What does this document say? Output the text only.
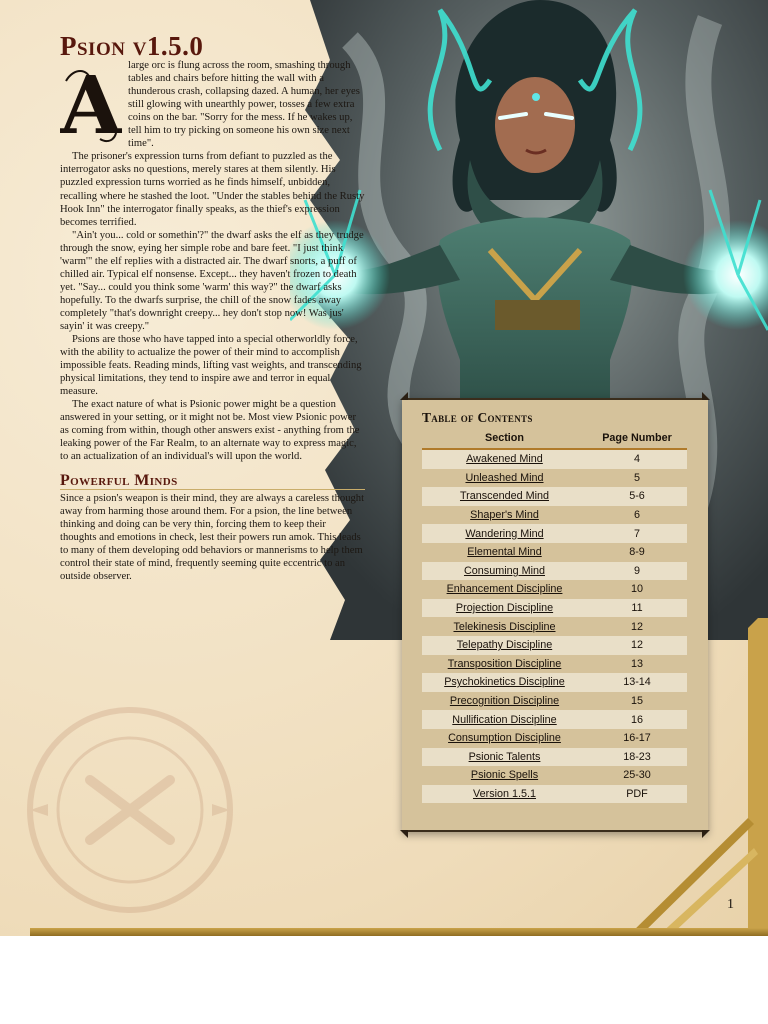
Psion v1.5.0
A large orc is flung across the room, smashing through tables and chairs before hitting the wall with a thunderous crash, collapsing dazed. A human, her eyes still glowing with unearthly power, tosses a few extra coins on the bar. "Sorry for the mess. If he wakes up, tell him to try picking on someone his own size next time".

The prisoner's expression turns from defiant to puzzled as the interrogator asks no questions, merely stares at them silently. His puzzled expression turns worried as he finds himself, unbidden, recalling where he stashed the loot. "Under the stables behind the Rusty Hook Inn" the interrogator finally speaks, as the thief's expression becomes terrified.

"Ain't you... cold or somethin'?" the dwarf asks the elf as they trudge through the snow, eying her simple robe and bare feet. "I just think 'warm'" the elf replies with a distracted air. The dwarf snorts, a puff of chilled air. Typical elf nonsense. Except... they haven't frozen to death yet. "Say... could you think some 'warm' this way?" the dwarf asks hopefully. To the dwarfs surprise, the chill of the snow fades away completely "that's downright creepy... hey don't stop now! Was jus' sayin' it was creepy."

Psions are those who have tapped into a special otherworldly force, with the ability to actualize the power of their mind to accomplish impossible feats. Reading minds, lifting vast weights, and transcending physical limitations, they tend to inspire awe and terror in equal measure.

The exact nature of what is Psionic power might be a question answered in your setting, or it might not be. Most view Psionic power as coming from within, though other answers exist - anything from the leaking power of the Far Realm, to an alternate way to express magic, to an actualization of an individual's will upon the world.

Powerful Minds

Since a psion's weapon is their mind, they are always a careless thought away from harming those around them. For a psion, the line between thinking and doing can be very thin, forcing them to keep their thoughts and emotions in check, lest their powers run amok. This leads to many of them developing odd behaviors or mannerisms to help them control their state of mind, frequently seeming quite eccentric to an outside observer.

Table of Contents
Section	Page Number
Awakened Mind	4
Unleashed Mind	5
Transcended Mind	5-6
Shaper's Mind	6
Wandering Mind	7
Elemental Mind	8-9
Consuming Mind	9
Enhancement Discipline	10
Projection Discipline	11
Telekinesis Discipline	12
Telepathy Discipline	12
Transposition Discipline	13
Psychokinetics Discipline	13-14
Precognition Discipline	15
Nullification Discipline	16
Consumption Discipline	16-17
Psionic Talents	18-23
Psionic Spells	25-30
Version 1.5.1	PDF
1
